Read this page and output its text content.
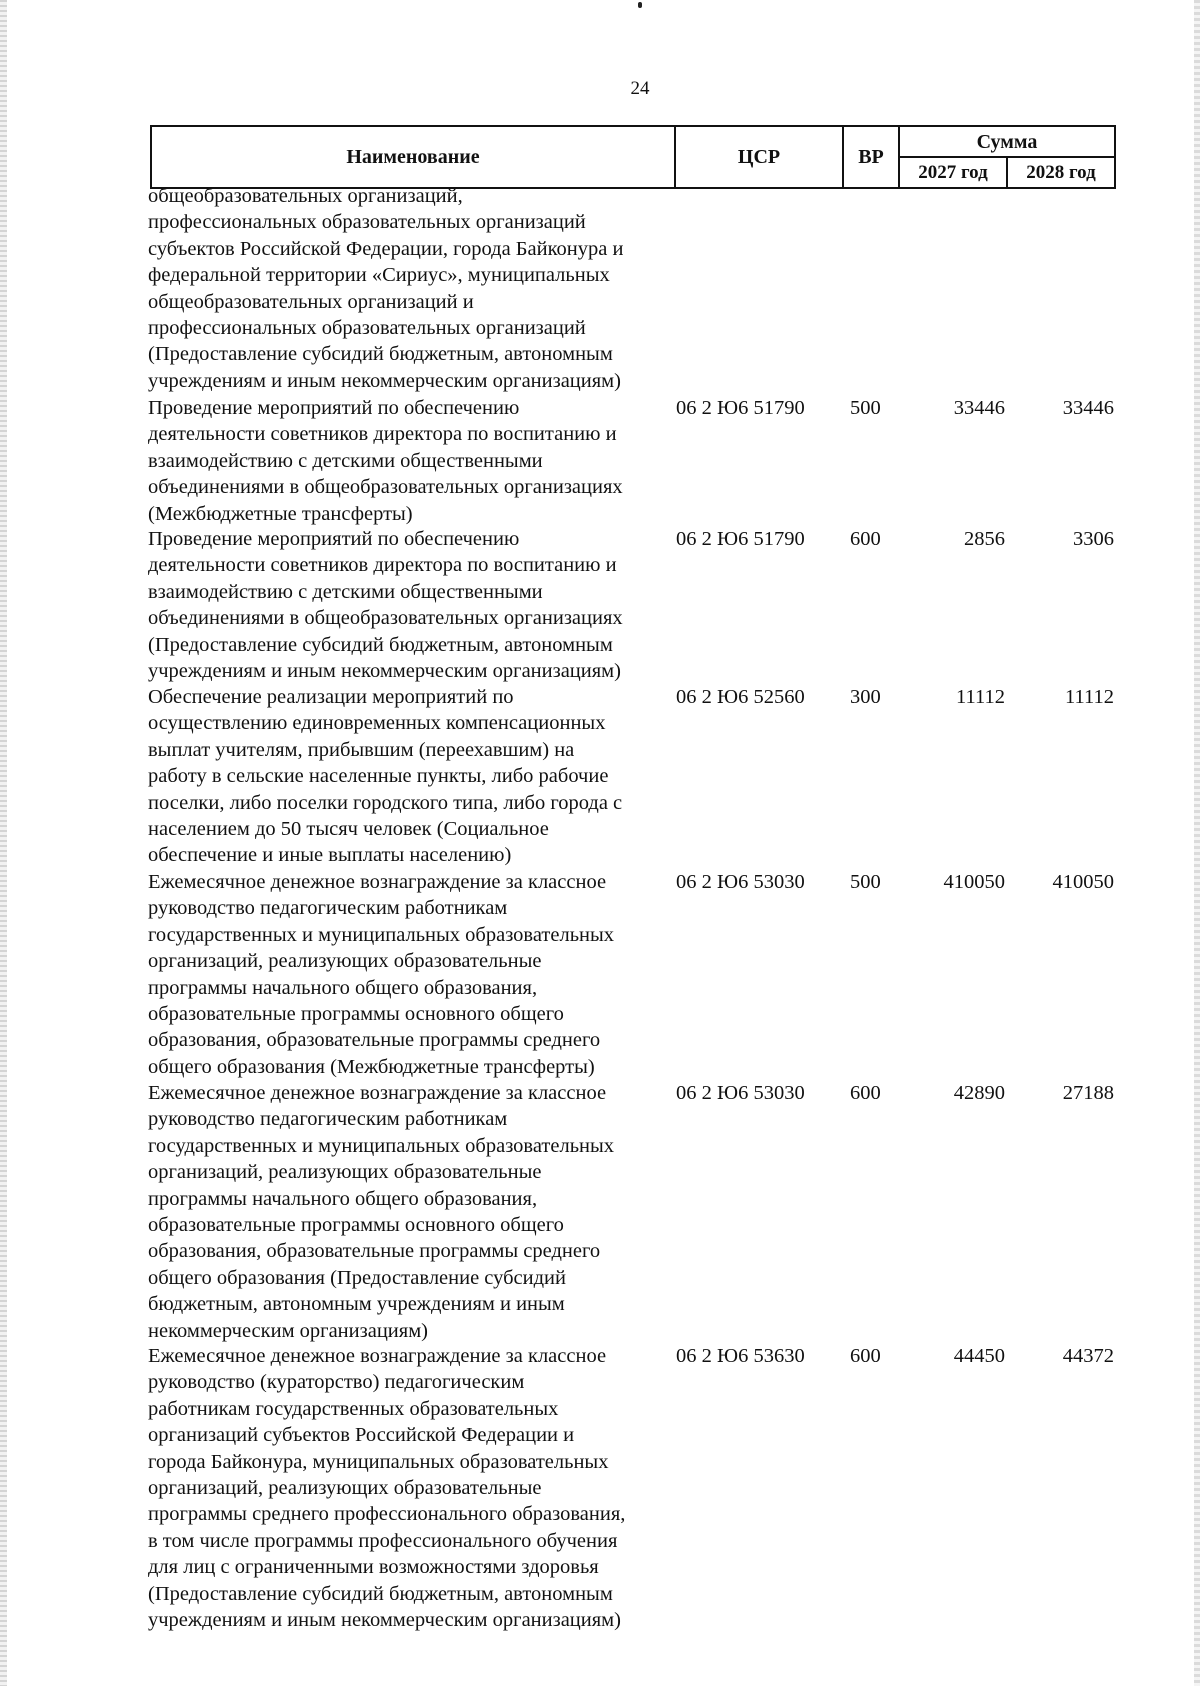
24
Наименование	ЦСР	ВР	Сумма	
			2027 год	2028 год
общеобразовательных организаций,
профессиональных образовательных организаций
субъектов Российской Федерации, города Байконура и
федеральной территории «Сириус», муниципальных
общеобразовательных организаций и
профессиональных образовательных организаций
(Предоставление субсидий бюджетным, автономным
учреждениям и иным некоммерческим организациям)
Проведение мероприятий по обеспечению
деятельности советников директора по воспитанию и
взаимодействию с детскими общественными
объединениями в общеобразовательных организациях
(Межбюджетные трансферты)
06 2 Ю6 51790	500	33446	33446
Проведение мероприятий по обеспечению
деятельности советников директора по воспитанию и
взаимодействию с детскими общественными
объединениями в общеобразовательных организациях
(Предоставление субсидий бюджетным, автономным
учреждениям и иным некоммерческим организациям)
06 2 Ю6 51790	600	2856	3306
Обеспечение реализации мероприятий по
осуществлению единовременных компенсационных
выплат учителям, прибывшим (переехавшим) на
работу в сельские населенные пункты, либо рабочие
поселки, либо поселки городского типа, либо города с
населением до 50 тысяч человек (Социальное
обеспечение и иные выплаты населению)
06 2 Ю6 52560	300	11112	11112
Ежемесячное денежное вознаграждение за классное
руководство педагогическим работникам
государственных и муниципальных образовательных
организаций, реализующих образовательные
программы начального общего образования,
образовательные программы основного общего
образования, образовательные программы среднего
общего образования (Межбюджетные трансферты)
06 2 Ю6 53030	500	410050	410050
Ежемесячное денежное вознаграждение за классное
руководство педагогическим работникам
государственных и муниципальных образовательных
организаций, реализующих образовательные
программы начального общего образования,
образовательные программы основного общего
образования, образовательные программы среднего
общего образования (Предоставление субсидий
бюджетным, автономным учреждениям и иным
некоммерческим организациям)
06 2 Ю6 53030	600	42890	27188
Ежемесячное денежное вознаграждение за классное
руководство (кураторство) педагогическим
работникам государственных образовательных
организаций субъектов Российской Федерации и
города Байконура, муниципальных образовательных
организаций, реализующих образовательные
программы среднего профессионального образования,
в том числе программы профессионального обучения
для лиц с ограниченными возможностями здоровья
(Предоставление субсидий бюджетным, автономным
учреждениям и иным некоммерческим организациям)
06 2 Ю6 53630	600	44450	44372
